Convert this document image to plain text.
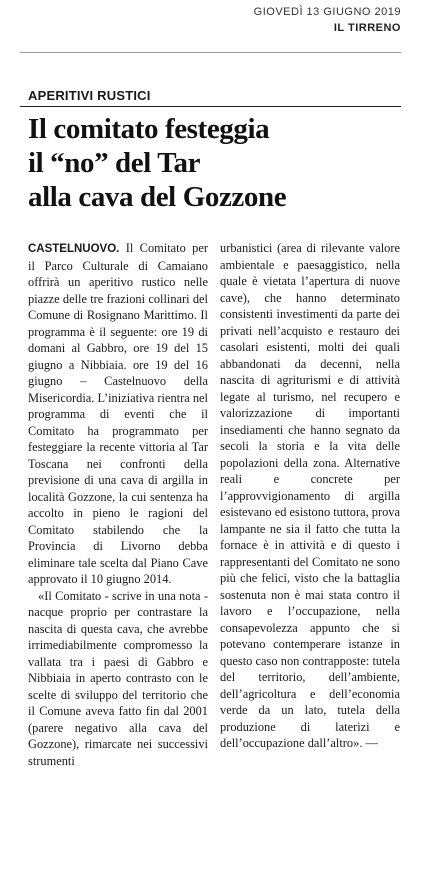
GIOVEDÌ 13 GIUGNO 2019
IL TIRRENO
APERITIVI RUSTICI
Il comitato festeggia
il “no” del Tar
alla cava del Gozzone

CASTELNUOVO. Il Comitato per il Parco Culturale di Camaiano offrirà un aperitivo rustico nelle piazze delle tre frazioni collinari del Comune di Rosignano Marittimo. Il programma è il seguente: ore 19 di domani al Gabbro, ore 19 del 15 giugno a Nibbiaia. ore 19 del 16 giugno – Castelnuovo della Misericordia. L’iniziativa rientra nel programma di eventi che il Comitato ha programmato per festeggiare la recente vittoria al Tar Toscana nei confronti della previsione di una cava di argilla in località Gozzone, la cui sentenza ha accolto in pieno le ragioni del Comitato stabilendo che la Provincia di Livorno debba eliminare tale scelta dal Piano Cave approvato il 10 giugno 2014.

«Il Comitato - scrive in una nota - nacque proprio per contrastare la nascita di questa cava, che avrebbe irrimediabilmente compromesso la vallata tra i paesi di Gabbro e Nibbiaia in aperto contrasto con le scelte di sviluppo del territorio che il Comune aveva fatto fin dal 2001 (parere negativo alla cava del Gozzone), rimarcate nei successivi strumenti

urbanistici (area di rilevante valore ambientale e paesaggistico, nella quale è vietata l’apertura di nuove cave), che hanno determinato consistenti investimenti da parte dei privati nell’acquisto e restauro dei casolari esistenti, molti dei quali abbandonati da decenni, nella nascita di agriturismi e di attività legate al turismo, nel recupero e valorizzazione di importanti insediamenti che hanno segnato da secoli la storia e la vita delle popolazioni della zona. Alternative reali e concrete per l’approvvigionamento di argilla esistevano ed esistono tuttora, prova lampante ne sia il fatto che tutta la fornace è in attività e di questo i rappresentanti del Comitato ne sono più che felici, visto che la battaglia sostenuta non è mai stata contro il lavoro e l’occupazione, nella consapevolezza appunto che si potevano contemperare istanze in questo caso non contrapposte: tutela del territorio, dell’ambiente, dell’agricoltura e dell’economia verde da un lato, tutela della produzione di laterizi e dell’occupazione dall’altro». —
